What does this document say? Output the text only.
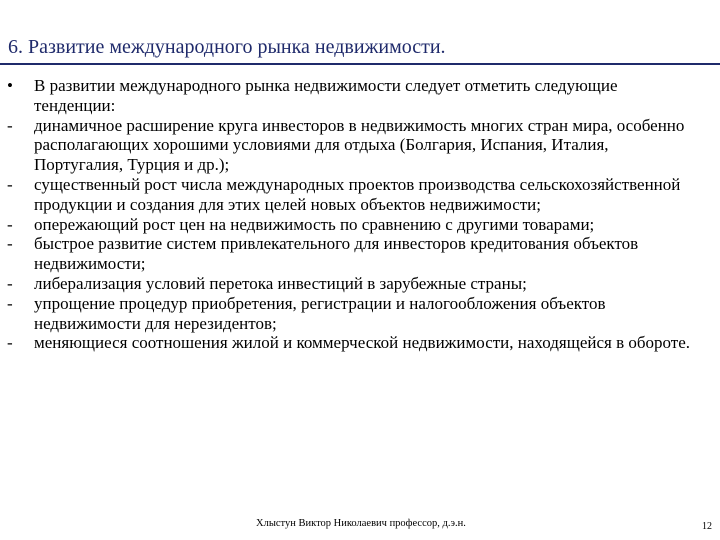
6. Развитие международного рынка недвижимости.
•	В развитии международного рынка недвижимости следует отметить следующие тенденции:
-	динамичное расширение круга инвесторов в недвижимость многих стран мира, особенно располагающих хорошими условиями для отдыха (Болгария, Испания, Италия, Португалия, Турция и др.);
-	существенный рост числа международных проектов производства сельскохозяйственной продукции и создания для этих целей новых объектов недвижимости;
-	опережающий рост цен на недвижимость по сравнению с другими товарами;
-	быстрое развитие систем привлекательного для инвесторов кредитования объектов недвижимости;
-	либерализация условий перетока инвестиций в зарубежные страны;
-	упрощение процедур приобретения, регистрации и налогообложения объектов недвижимости для нерезидентов;
-	меняющиеся соотношения жилой и коммерческой недвижимости, находящейся в обороте.
Хлыстун Виктор Николаевич профессор, д.э.н.	12
